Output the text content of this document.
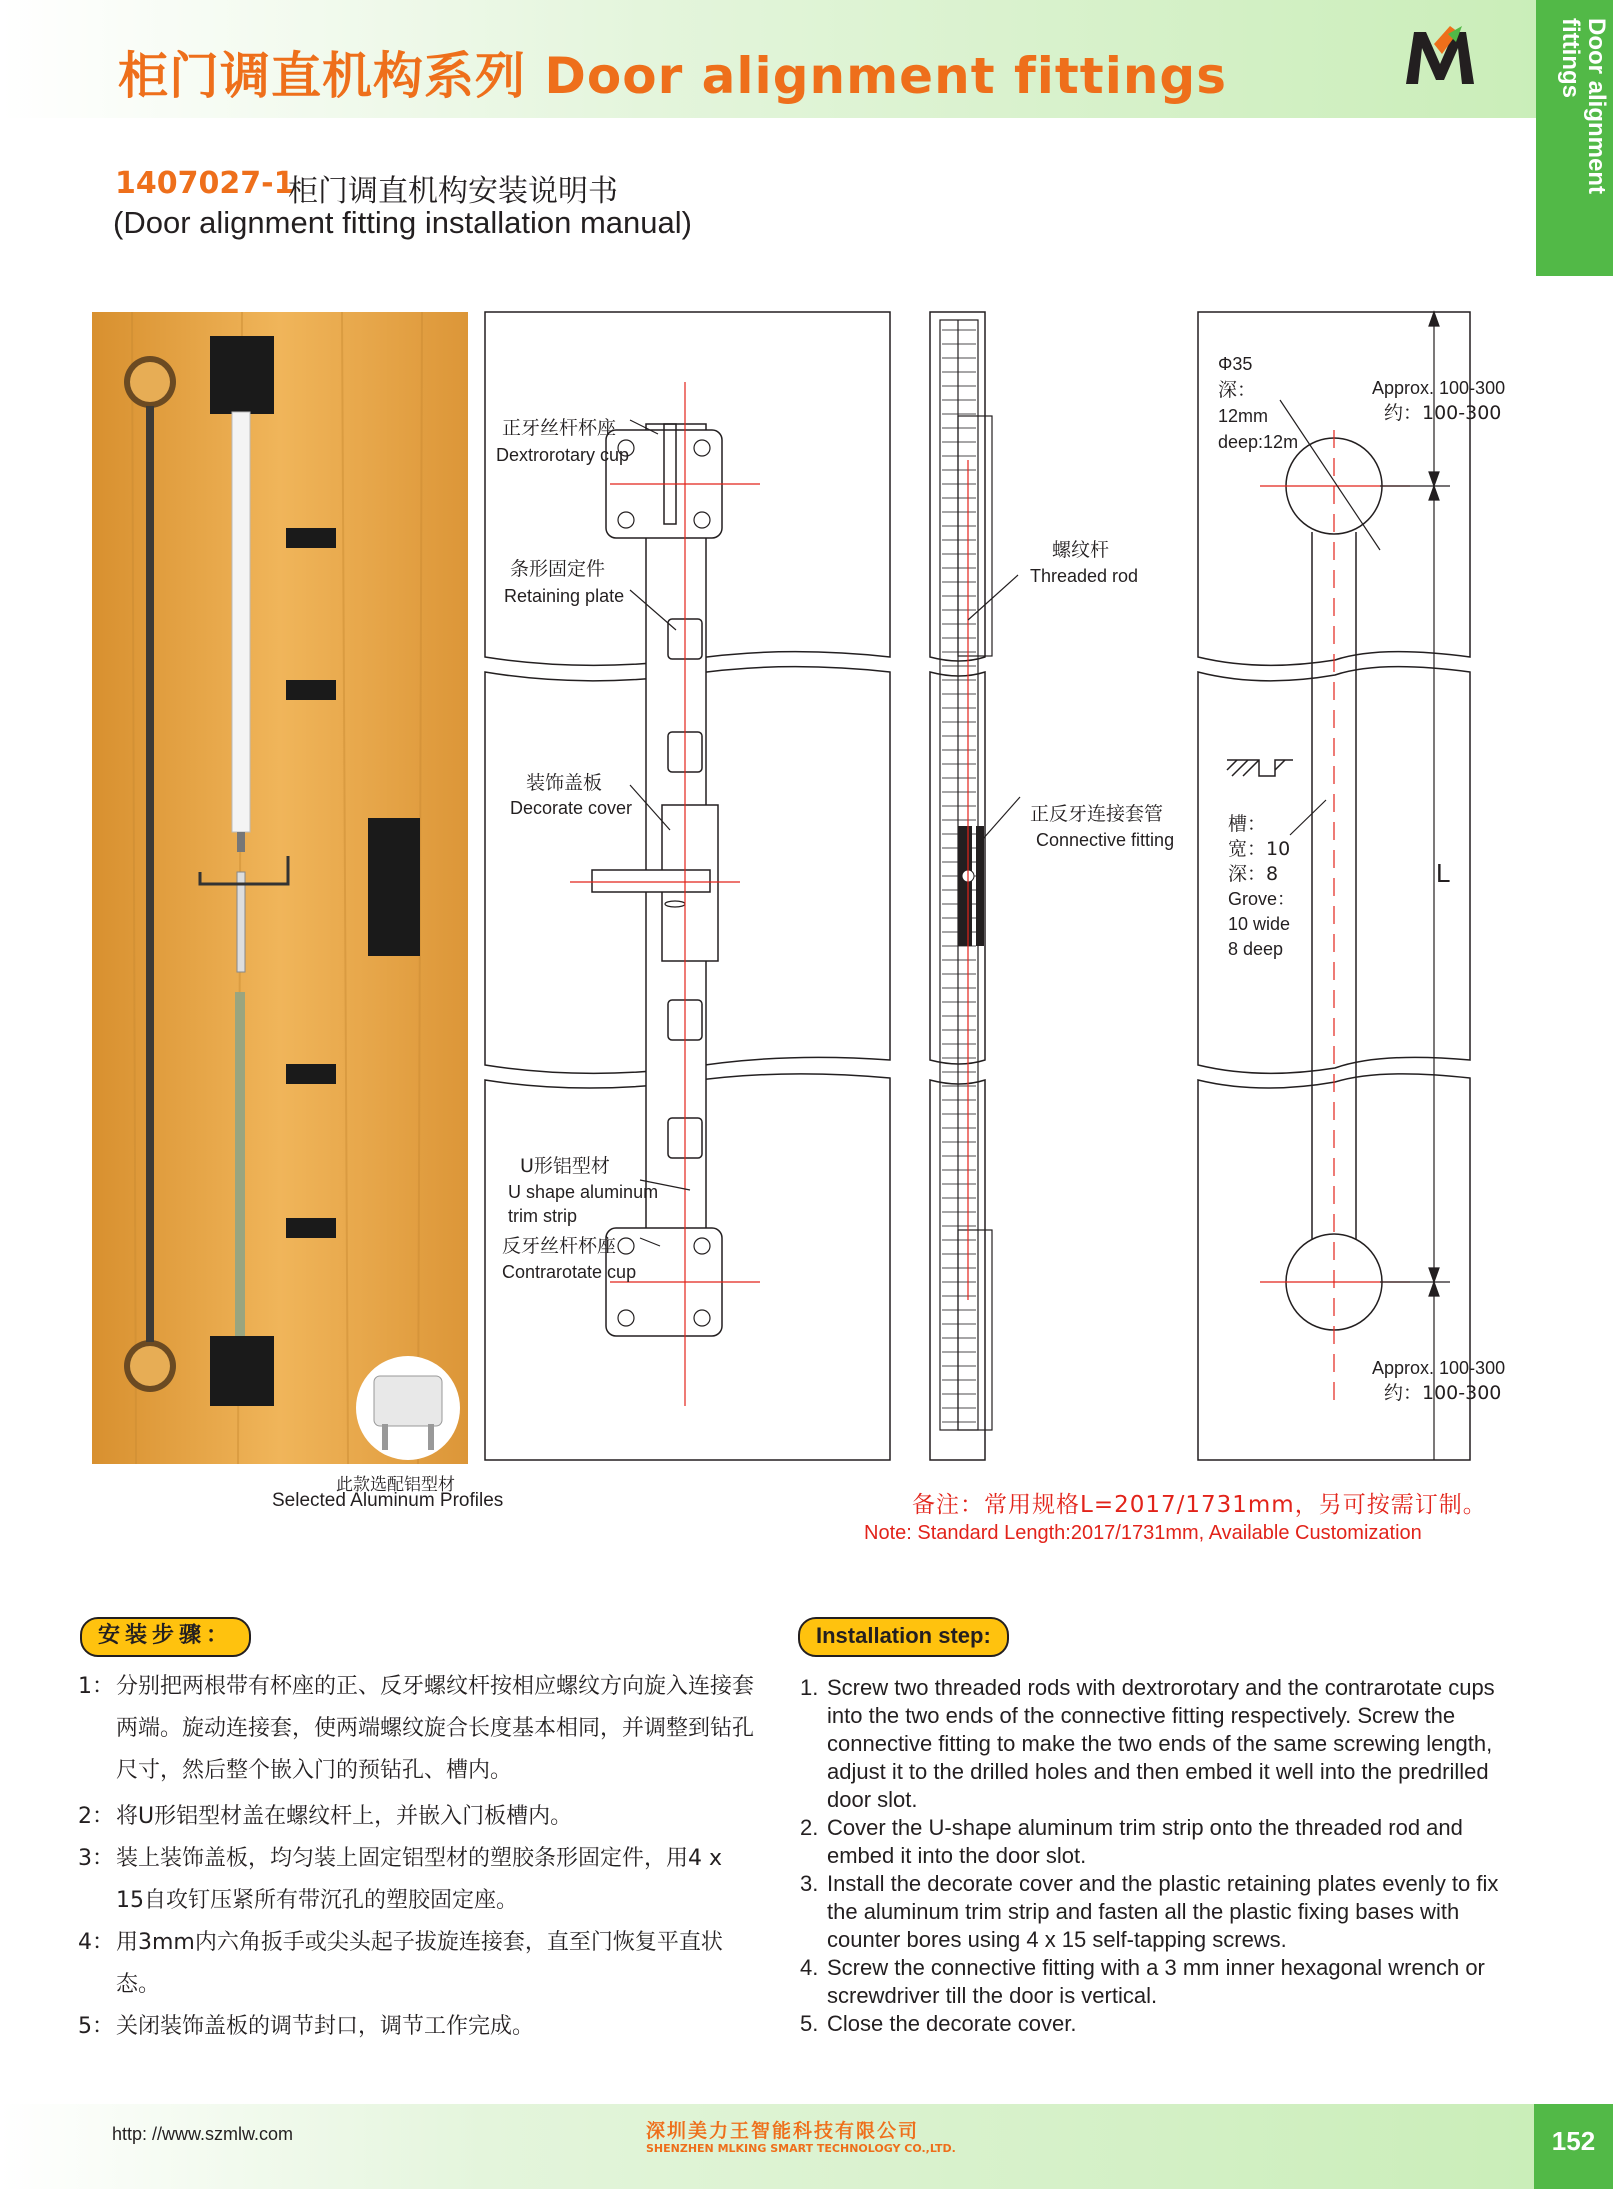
柜门调直机构系列 Door alignment fittings	Door alignment fittings
1407027-1
柜门调直机构安装说明书
(Door alignment fitting installation manual)
此款选配铝型材
Selected Aluminum Profiles
正牙丝杆杯座
Dextrorotary cup
条形固定件
Retaining plate
装饰盖板
Decorate cover
U形铝型材
U shape aluminum
trim strip
反牙丝杆杯座
Contrarotate cup
螺纹杆
Threaded rod
正反牙连接套管
Connective fitting
Φ35
深：
12mm
deep:12m
Approx. 100-300
约：100-300
Approx. 100-300
约：100-300
槽：
宽：10
深：8
Grove：
10 wide
8 deep
L
备注：常用规格L=2017/1731mm，另可按需订制。
Note: Standard Length:2017/1731mm, Available Customization
安装步骤：	Installation step:
1： 分别把两根带有杯座的正、反牙螺纹杆按相应螺纹方向旋入连接套两端。旋动连接套，使两端螺纹旋合长度基本相同，并调整到钻孔尺寸，然后整个嵌入门的预钻孔、槽内。
2： 将U形铝型材盖在螺纹杆上，并嵌入门板槽内。
3： 装上装饰盖板，均匀装上固定铝型材的塑胶条形固定件，用4 x 15自攻钉压紧所有带沉孔的塑胶固定座。
4： 用3mm内六角扳手或尖头起子拔旋连接套，直至门恢复平直状态。
5： 关闭装饰盖板的调节封口，调节工作完成。
1. Screw two threaded rods with dextrorotary and the contrarotate cups into the two ends of the connective fitting respectively. Screw the connective fitting to make the two ends of the same screwing length, adjust it to the drilled holes and then embed it well into the predrilled door slot.
2. Cover the U-shape aluminum trim strip onto the threaded rod and embed it into the door slot.
3. Install the decorate cover and the plastic retaining plates evenly to fix the aluminum trim strip and fasten all the plastic fixing bases with counter bores using 4 x 15 self-tapping screws.
4. Screw the connective fitting with a 3 mm inner hexagonal wrench or screwdriver till the door is vertical.
5. Close the decorate cover.
http: //www.szmlw.com	深圳美力王智能科技有限公司
SHENZHEN MLKING SMART TECHNOLOGY CO.,LTD.	152
